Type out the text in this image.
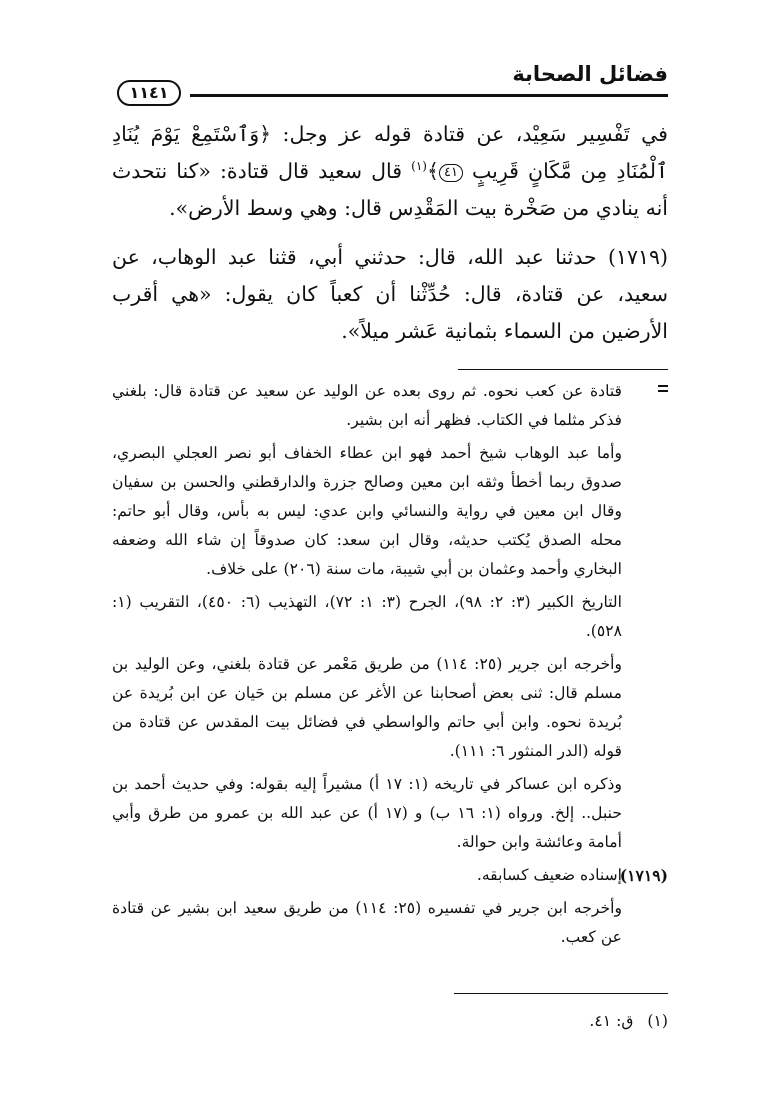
١١٤١
فضائل الصحابة

في تَفْسِير سَعِيْد، عن قتادة قوله عز وجل: ﴿وَٱسْتَمِعْ يَوْمَ يُنَادِ ٱلْمُنَادِ مِن مَّكَانٍ قَرِيبٍ ٤١﴾$^{(١)}$ قال سعيد قال قتادة: «كنا نتحدث أنه ينادي من صَخْرة بيت المَقْدِس قال: وهي وسط الأرض».

(١٧١٩) حدثنا عبد الله، قال: حدثني أبي، قثنا عبد الوهاب، عن سعيد، عن قتادة، قال: حُدِّثْنا أن كعباً كان يقول: «هي أقرب الأرضين من السماء بثمانية عَشر ميلاً».

قتادة عن كعب نحوه. ثم روى بعده عن الوليد عن سعيد عن قتادة قال: بلغني فذكر مثلما في الكتاب. فظهر أنه ابن بشير.
وأما عبد الوهاب شيخ أحمد فهو ابن عطاء الخفاف أبو نصر العجلي البصري، صدوق ربما أخطأ وثقه ابن معين وصالح جزرة والدارقطني والحسن بن سفيان وقال ابن معين في رواية والنسائي وابن عدي: ليس به بأس، وقال أبو حاتم: محله الصدق يُكتب حديثه، وقال ابن سعد: كان صدوقاً إن شاء الله وضعفه البخاري وأحمد وعثمان بن أبي شيبة، مات سنة (٢٠٦) على خلاف.
التاريخ الكبير (٣: ٢: ٩٨)، الجرح (٣: ١: ٧٢)، التهذيب (٦: ٤٥٠)، التقريب (١: ٥٢٨).
وأخرجه ابن جرير (٢٥: ١١٤) من طريق مَعْمر عن قتادة بلغني، وعن الوليد بن مسلم قال: ثنى بعض أصحابنا عن الأغر عن مسلم بن حَيان عن ابن بُريدة عن بُريدة نحوه. وابن أبي حاتم والواسطي في فضائل بيت المقدس عن قتادة من قوله (الدر المنثور ٦: ١١١).
وذكره ابن عساكر في تاريخه (١: ١٧ أ) مشيراً إليه بقوله: وفي حديث أحمد بن حنبل.. إلخ. ورواه (١: ١٦ ب) و (١٧ أ) عن عبد الله بن عمرو من طرق وأبي أمامة وعائشة وابن حوالة.
(١٧١٩)
إسناده ضعيف كسابقه.
وأخرجه ابن جرير في تفسيره (٢٥: ١١٤) من طريق سعيد ابن بشير عن قتادة عن كعب.
(١)
ق: ٤١.
